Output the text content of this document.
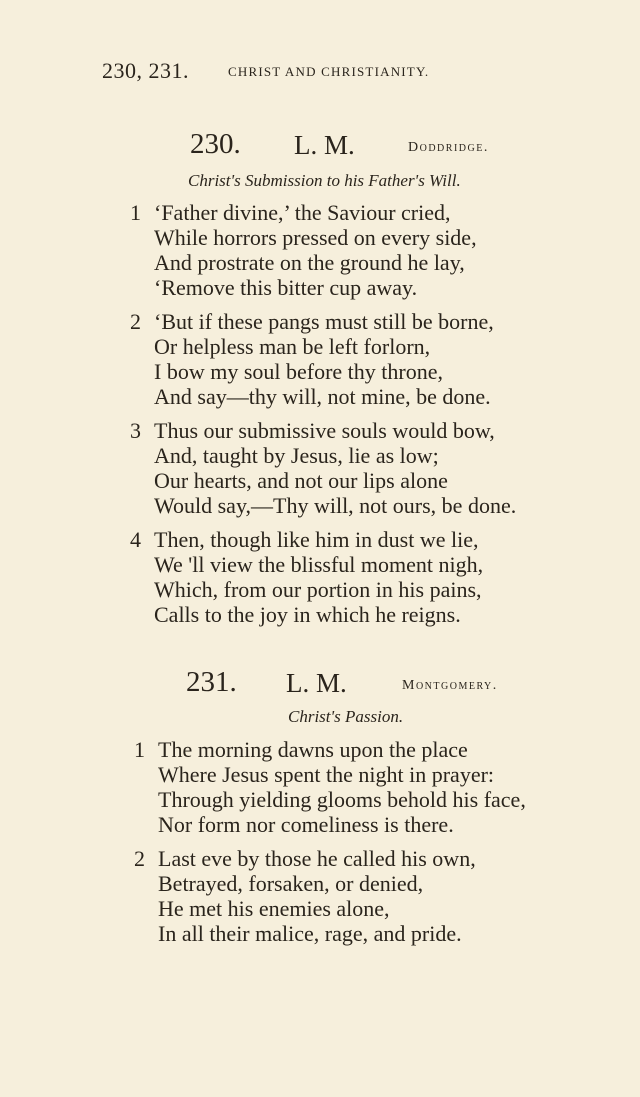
230, 231.	CHRIST AND CHRISTIANITY.
230. L. M.	Doddridge.
Christ's Submission to his Father's Will.
1 ‘Father divine,’ the Saviour cried,
While horrors pressed on every side,
And prostrate on the ground he lay,
‘Remove this bitter cup away.
2 ‘But if these pangs must still be borne,
Or helpless man be left forlorn,
I bow my soul before thy throne,
And say—thy will, not mine, be done.
3 Thus our submissive souls would bow,
And, taught by Jesus, lie as low;
Our hearts, and not our lips alone
Would say,—Thy will, not ours, be done.
4 Then, though like him in dust we lie,
We 'll view the blissful moment nigh,
Which, from our portion in his pains,
Calls to the joy in which he reigns.
231. L. M.	Montgomery.
Christ's Passion.
1 The morning dawns upon the place
Where Jesus spent the night in prayer:
Through yielding glooms behold his face,
Nor form nor comeliness is there.
2 Last eve by those he called his own,
Betrayed, forsaken, or denied,
He met his enemies alone,
In all their malice, rage, and pride.
